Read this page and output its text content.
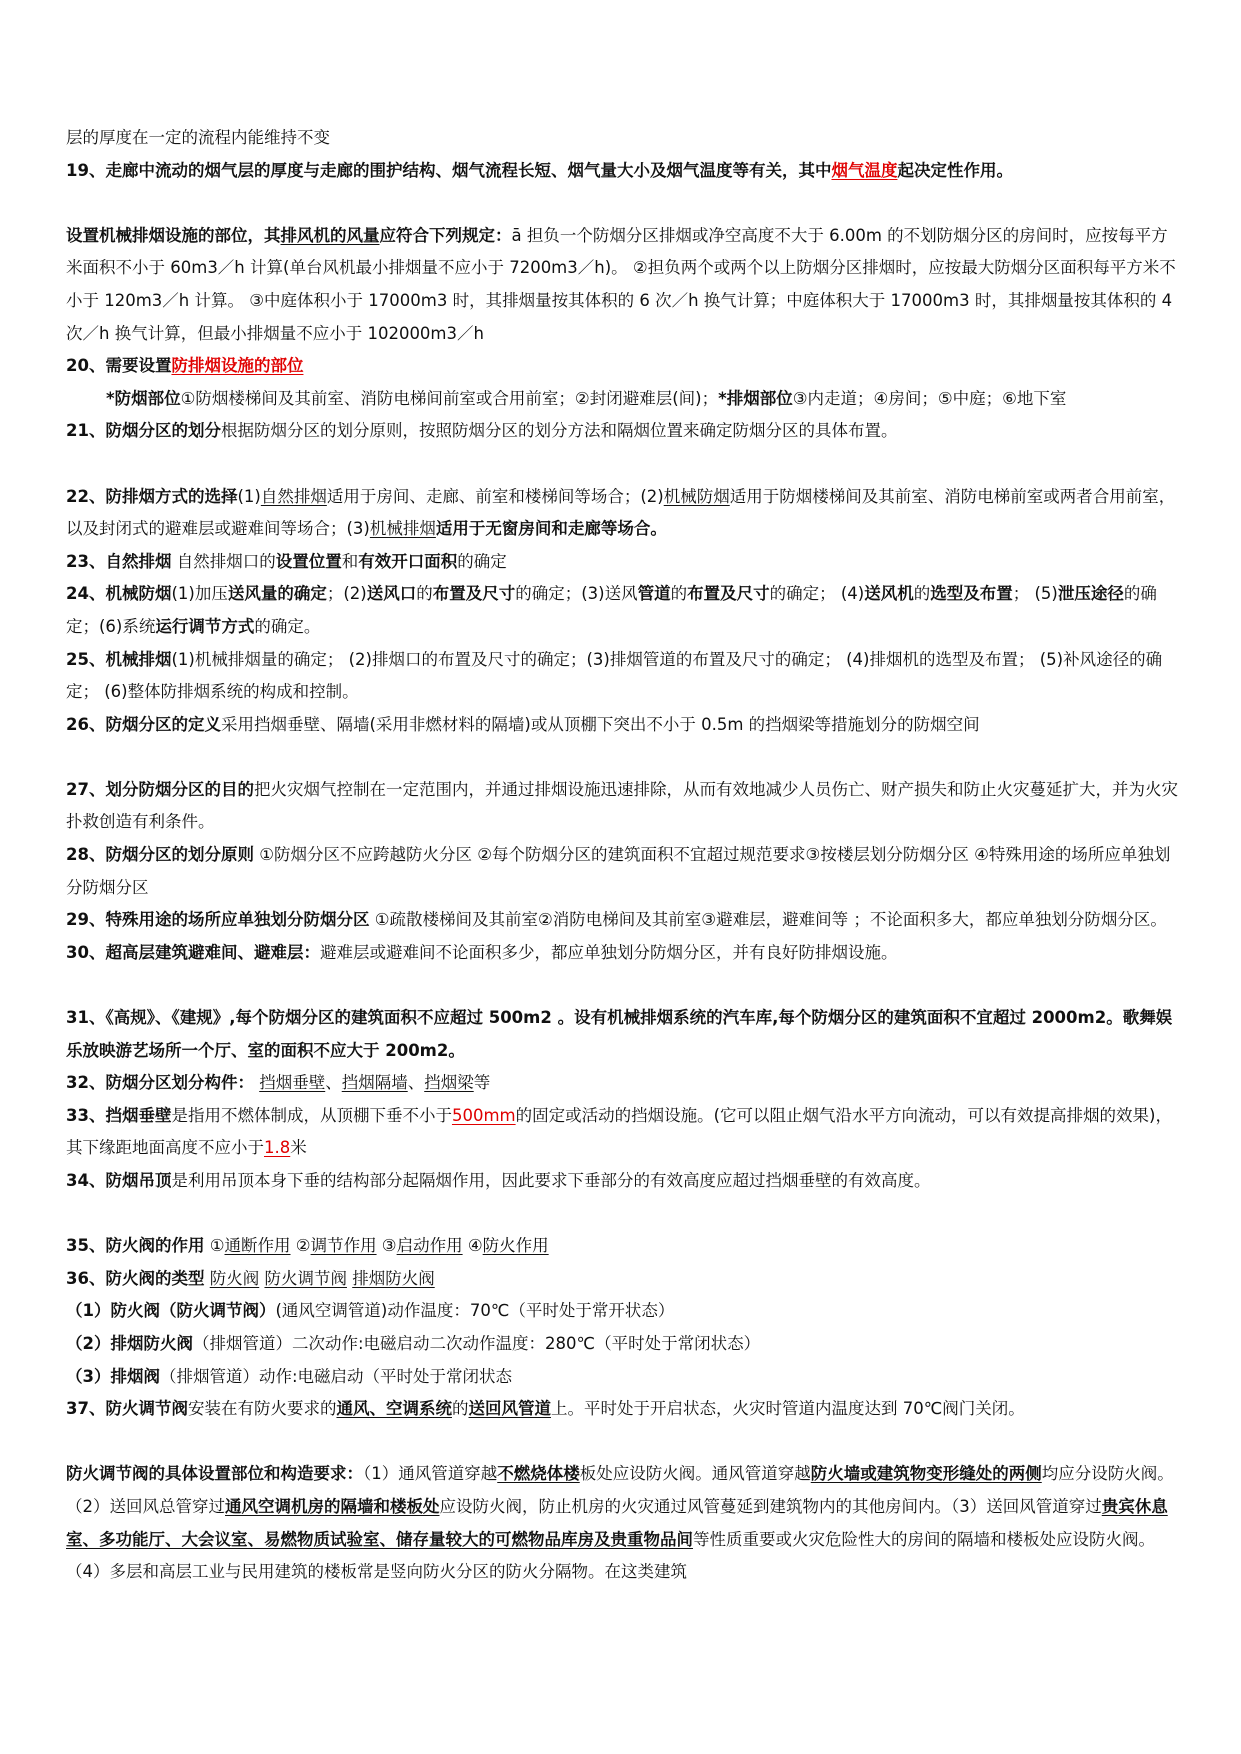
层的厚度在一定的流程内能维持不变

19、走廊中流动的烟气层的厚度与走廊的围护结构、烟气流程长短、烟气量大小及烟气温度等有关，其中烟气温度起决定性作用。

设置机械排烟设施的部位，其排风机的风量应符合下列规定：ā 担负一个防烟分区排烟或净空高度不大于 6.00m 的不划防烟分区的房间时，应按每平方米面积不小于 60m3／h 计算(单台风机最小排烟量不应小于 7200m3／h)。 ②担负两个或两个以上防烟分区排烟时，应按最大防烟分区面积每平方米不小于 120m3／h 计算。 ③中庭体积小于 17000m3 时，其排烟量按其体积的 6 次／h 换气计算；中庭体积大于 17000m3 时，其排烟量按其体积的 4 次／h 换气计算，但最小排烟量不应小于 102000m3／h

20、需要设置防排烟设施的部位

*防烟部位①防烟楼梯间及其前室、消防电梯间前室或合用前室；②封闭避难层(间)；*排烟部位③内走道；④房间；⑤中庭；⑥地下室

21、防烟分区的划分根据防烟分区的划分原则，按照防烟分区的划分方法和隔烟位置来确定防烟分区的具体布置。

22、防排烟方式的选择(1)自然排烟适用于房间、走廊、前室和楼梯间等场合；(2)机械防烟适用于防烟楼梯间及其前室、消防电梯前室或两者合用前室，以及封闭式的避难层或避难间等场合；(3)机械排烟适用于无窗房间和走廊等场合。

23、自然排烟 自然排烟口的设置位置和有效开口面积的确定

24、机械防烟(1)加压送风量的确定；(2)送风口的布置及尺寸的确定；(3)送风管道的布置及尺寸的确定； (4)送风机的选型及布置； (5)泄压途径的确定；(6)系统运行调节方式的确定。

25、机械排烟(1)机械排烟量的确定； (2)排烟口的布置及尺寸的确定；(3)排烟管道的布置及尺寸的确定； (4)排烟机的选型及布置； (5)补风途径的确定； (6)整体防排烟系统的构成和控制。

26、防烟分区的定义采用挡烟垂壁、隔墙(采用非燃材料的隔墙)或从顶棚下突出不小于 0.5m 的挡烟梁等措施划分的防烟空间

27、划分防烟分区的目的把火灾烟气控制在一定范围内，并通过排烟设施迅速排除，从而有效地减少人员伤亡、财产损失和防止火灾蔓延扩大，并为火灾扑救创造有利条件。

28、防烟分区的划分原则 ①防烟分区不应跨越防火分区 ②每个防烟分区的建筑面积不宜超过规范要求③按楼层划分防烟分区 ④特殊用途的场所应单独划分防烟分区

29、特殊用途的场所应单独划分防烟分区 ①疏散楼梯间及其前室②消防电梯间及其前室③避难层，避难间等 ；不论面积多大，都应单独划分防烟分区。

30、超高层建筑避难间、避难层：避难层或避难间不论面积多少，都应单独划分防烟分区，并有良好防排烟设施。

31、《高规》、《建规》,每个防烟分区的建筑面积不应超过 500m2 。设有机械排烟系统的汽车库,每个防烟分区的建筑面积不宜超过 2000m2。歌舞娱乐放映游艺场所一个厅、室的面积不应大于 200m2。

32、防烟分区划分构件： 挡烟垂壁、挡烟隔墙、挡烟梁等

33、挡烟垂壁是指用不燃体制成，从顶棚下垂不小于500mm的固定或活动的挡烟设施。(它可以阻止烟气沿水平方向流动，可以有效提高排烟的效果)，其下缘距地面高度不应小于1.8米

34、防烟吊顶是利用吊顶本身下垂的结构部分起隔烟作用，因此要求下垂部分的有效高度应超过挡烟垂壁的有效高度。

35、防火阀的作用 ①通断作用 ②调节作用 ③启动作用 ④防火作用

36、防火阀的类型 防火阀 防火调节阀 排烟防火阀

（1）防火阀（防火调节阀）(通风空调管道)动作温度：70℃（平时处于常开状态）

（2）排烟防火阀（排烟管道）二次动作:电磁启动二次动作温度：280℃（平时处于常闭状态）

（3）排烟阀（排烟管道）动作:电磁启动（平时处于常闭状态

37、防火调节阀安装在有防火要求的通风、空调系统的送回风管道上。平时处于开启状态，火灾时管道内温度达到 70℃阀门关闭。

防火调节阀的具体设置部位和构造要求：（1）通风管道穿越不燃烧体楼板处应设防火阀。通风管道穿越防火墙或建筑物变形缝处的两侧均应分设防火阀。（2）送回风总管穿过通风空调机房的隔墙和楼板处应设防火阀，防止机房的火灾通过风管蔓延到建筑物内的其他房间内。（3）送回风管道穿过贵宾休息室、多功能厅、大会议室、易燃物质试验室、储存量较大的可燃物品库房及贵重物品间等性质重要或火灾危险性大的房间的隔墙和楼板处应设防火阀。（4）多层和高层工业与民用建筑的楼板常是竖向防火分区的防火分隔物。在这类建筑
